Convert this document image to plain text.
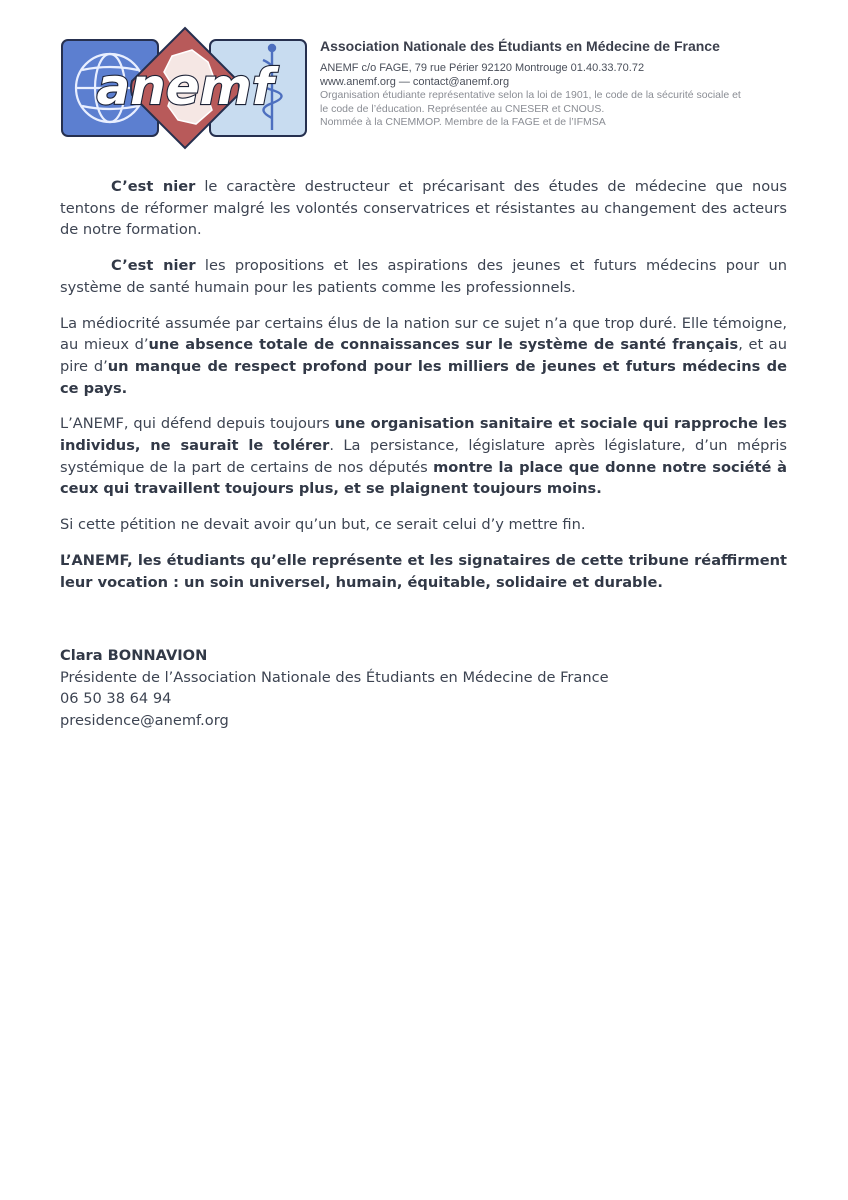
anemf
Association Nationale des Étudiants en Médecine de France
ANEMF c/o FAGE, 79 rue Périer 92120 Montrouge 01.40.33.70.72
www.anemf.org — contact@anemf.org
Organisation étudiante représentative selon la loi de 1901, le code de la sécurité sociale et
le code de l’éducation. Représentée au CNESER et CNOUS.
Nommée à la CNEMMOP. Membre de la FAGE et de l’IFMSA

C’est nier le caractère destructeur et précarisant des études de médecine que nous tentons de réformer malgré les volontés conservatrices et résistantes au changement des acteurs de notre formation.

C’est nier les propositions et les aspirations des jeunes et futurs médecins pour un système de santé humain pour les patients comme les professionnels.

La médiocrité assumée par certains élus de la nation sur ce sujet n’a que trop duré. Elle témoigne, au mieux d’une absence totale de connaissances sur le système de santé français, et au pire d’un manque de respect profond pour les milliers de jeunes et futurs médecins de ce pays.

L’ANEMF, qui défend depuis toujours une organisation sanitaire et sociale qui rapproche les individus, ne saurait le tolérer. La persistance, législature après législature, d’un mépris systémique de la part de certains de nos députés montre la place que donne notre société à ceux qui travaillent toujours plus, et se plaignent toujours moins.

Si cette pétition ne devait avoir qu’un but, ce serait celui d’y mettre fin.

L’ANEMF, les étudiants qu’elle représente et les signataires de cette tribune réaffirment leur vocation : un soin universel, humain, équitable, solidaire et durable.

Clara BONNAVION
Présidente de l’Association Nationale des Étudiants en Médecine de France
06 50 38 64 94
presidence@anemf.org
